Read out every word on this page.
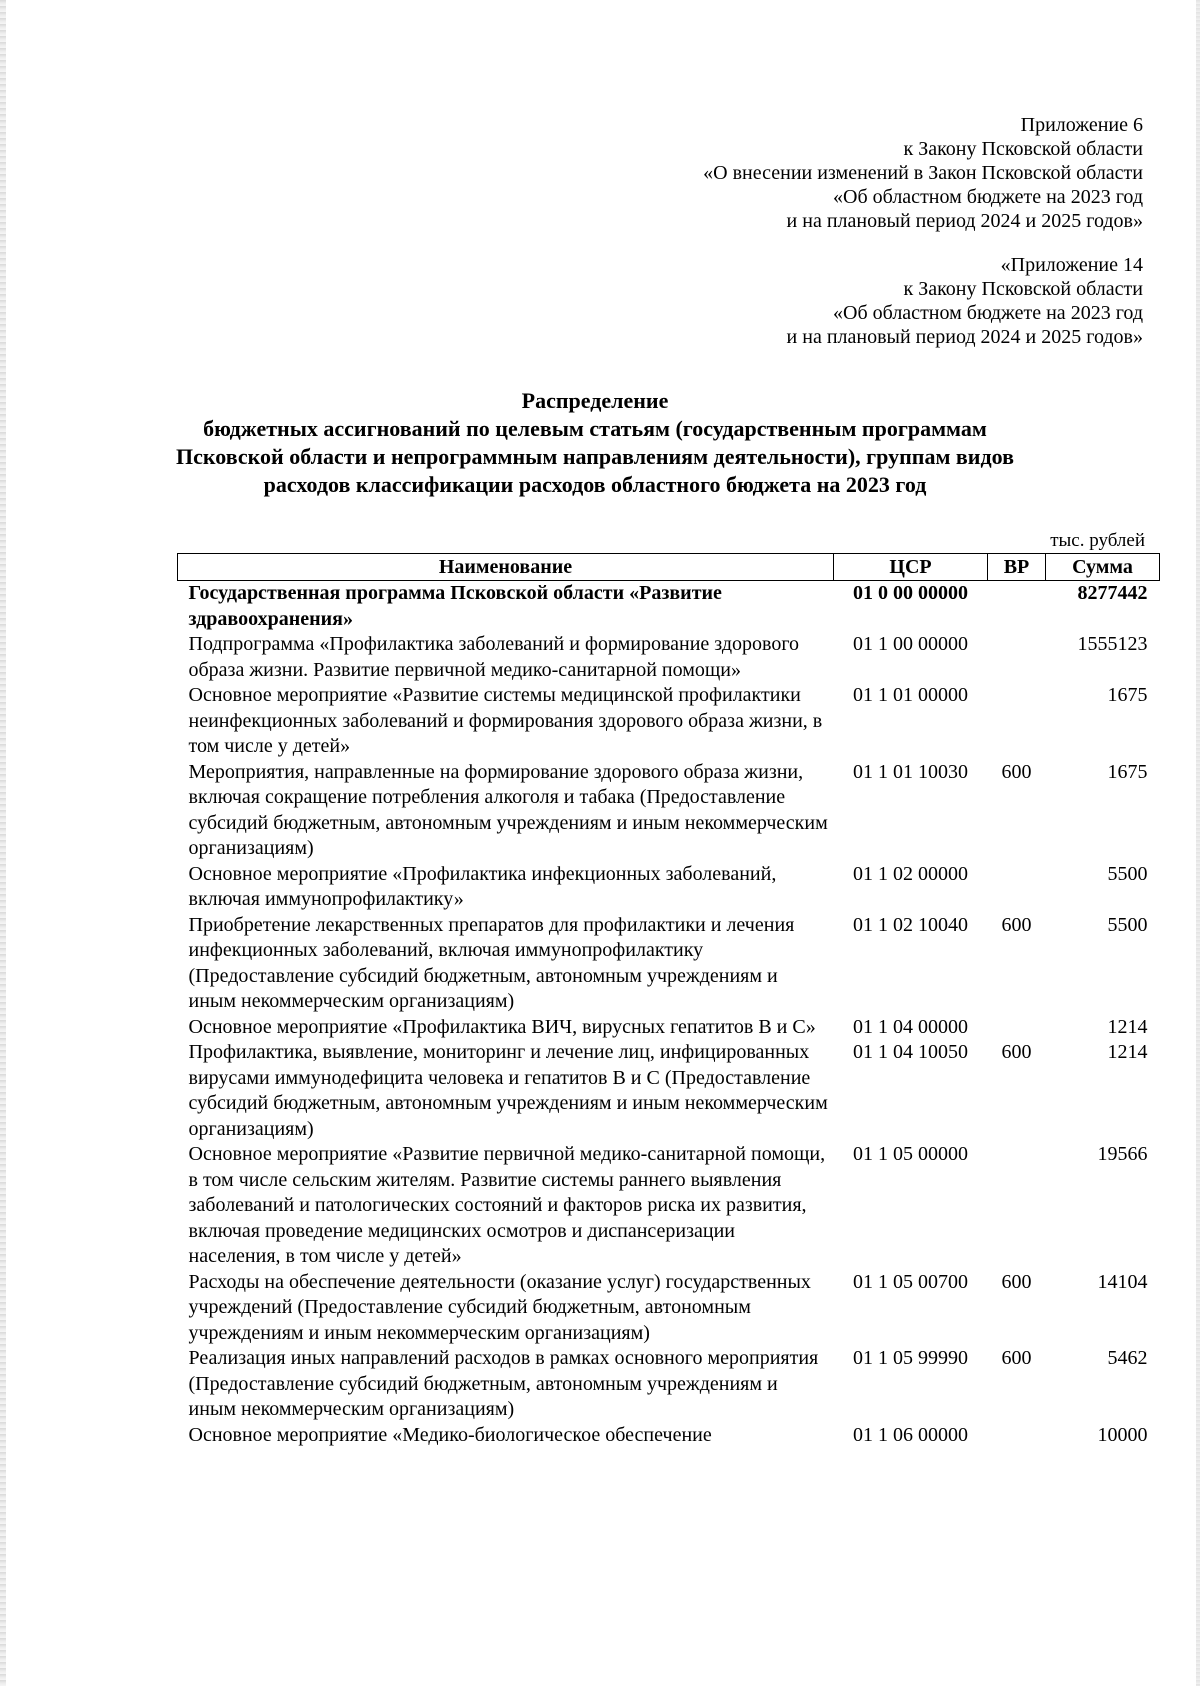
Приложение 6
к Закону Псковской области
«О внесении изменений в Закон Псковской области
«Об областном бюджете на 2023 год
и на плановый период 2024 и 2025 годов»
«Приложение 14
к Закону Псковской области
«Об областном бюджете на 2023 год
и на плановый период 2024 и 2025 годов»
Распределение
бюджетных ассигнований по целевым статьям (государственным программам
Псковской области и непрограммным направлениям деятельности), группам видов
расходов классификации расходов областного бюджета на 2023 год
тыс. рублей
Наименование	ЦСР	ВР	Сумма
Государственная программа Псковской области «Развитие здравоохранения»	01 0 00 00000		8277442
Подпрограмма «Профилактика заболеваний и формирование здорового образа жизни. Развитие первичной медико-санитарной помощи»	01 1 00 00000		1555123
Основное мероприятие «Развитие системы медицинской профилактики неинфекционных заболеваний и формирования здорового образа жизни, в том числе у детей»	01 1 01 00000		1675
Мероприятия, направленные на формирование здорового образа жизни, включая сокращение потребления алкоголя и табака (Предоставление субсидий бюджетным, автономным учреждениям и иным некоммерческим организациям)	01 1 01 10030	600	1675
Основное мероприятие «Профилактика инфекционных заболеваний, включая иммунопрофилактику»	01 1 02 00000		5500
Приобретение лекарственных препаратов для профилактики и лечения инфекционных заболеваний, включая иммунопрофилактику (Предоставление субсидий бюджетным, автономным учреждениям и иным некоммерческим организациям)	01 1 02 10040	600	5500
Основное мероприятие «Профилактика ВИЧ, вирусных гепатитов В и С»	01 1 04 00000		1214
Профилактика, выявление, мониторинг и лечение лиц, инфицированных вирусами иммунодефицита человека и гепатитов В и С (Предоставление субсидий бюджетным, автономным учреждениям и иным некоммерческим организациям)	01 1 04 10050	600	1214
Основное мероприятие «Развитие первичной медико-санитарной помощи, в том числе сельским жителям. Развитие системы раннего выявления заболеваний и патологических состояний и факторов риска их развития, включая проведение медицинских осмотров и диспансеризации населения, в том числе у детей»	01 1 05 00000		19566
Расходы на обеспечение деятельности (оказание услуг) государственных учреждений (Предоставление субсидий бюджетным, автономным учреждениям и иным некоммерческим организациям)	01 1 05 00700	600	14104
Реализация иных направлений расходов в рамках основного мероприятия (Предоставление субсидий бюджетным, автономным учреждениям и иным некоммерческим организациям)	01 1 05 99990	600	5462
Основное мероприятие «Медико-биологическое обеспечение	01 1 06 00000		10000
